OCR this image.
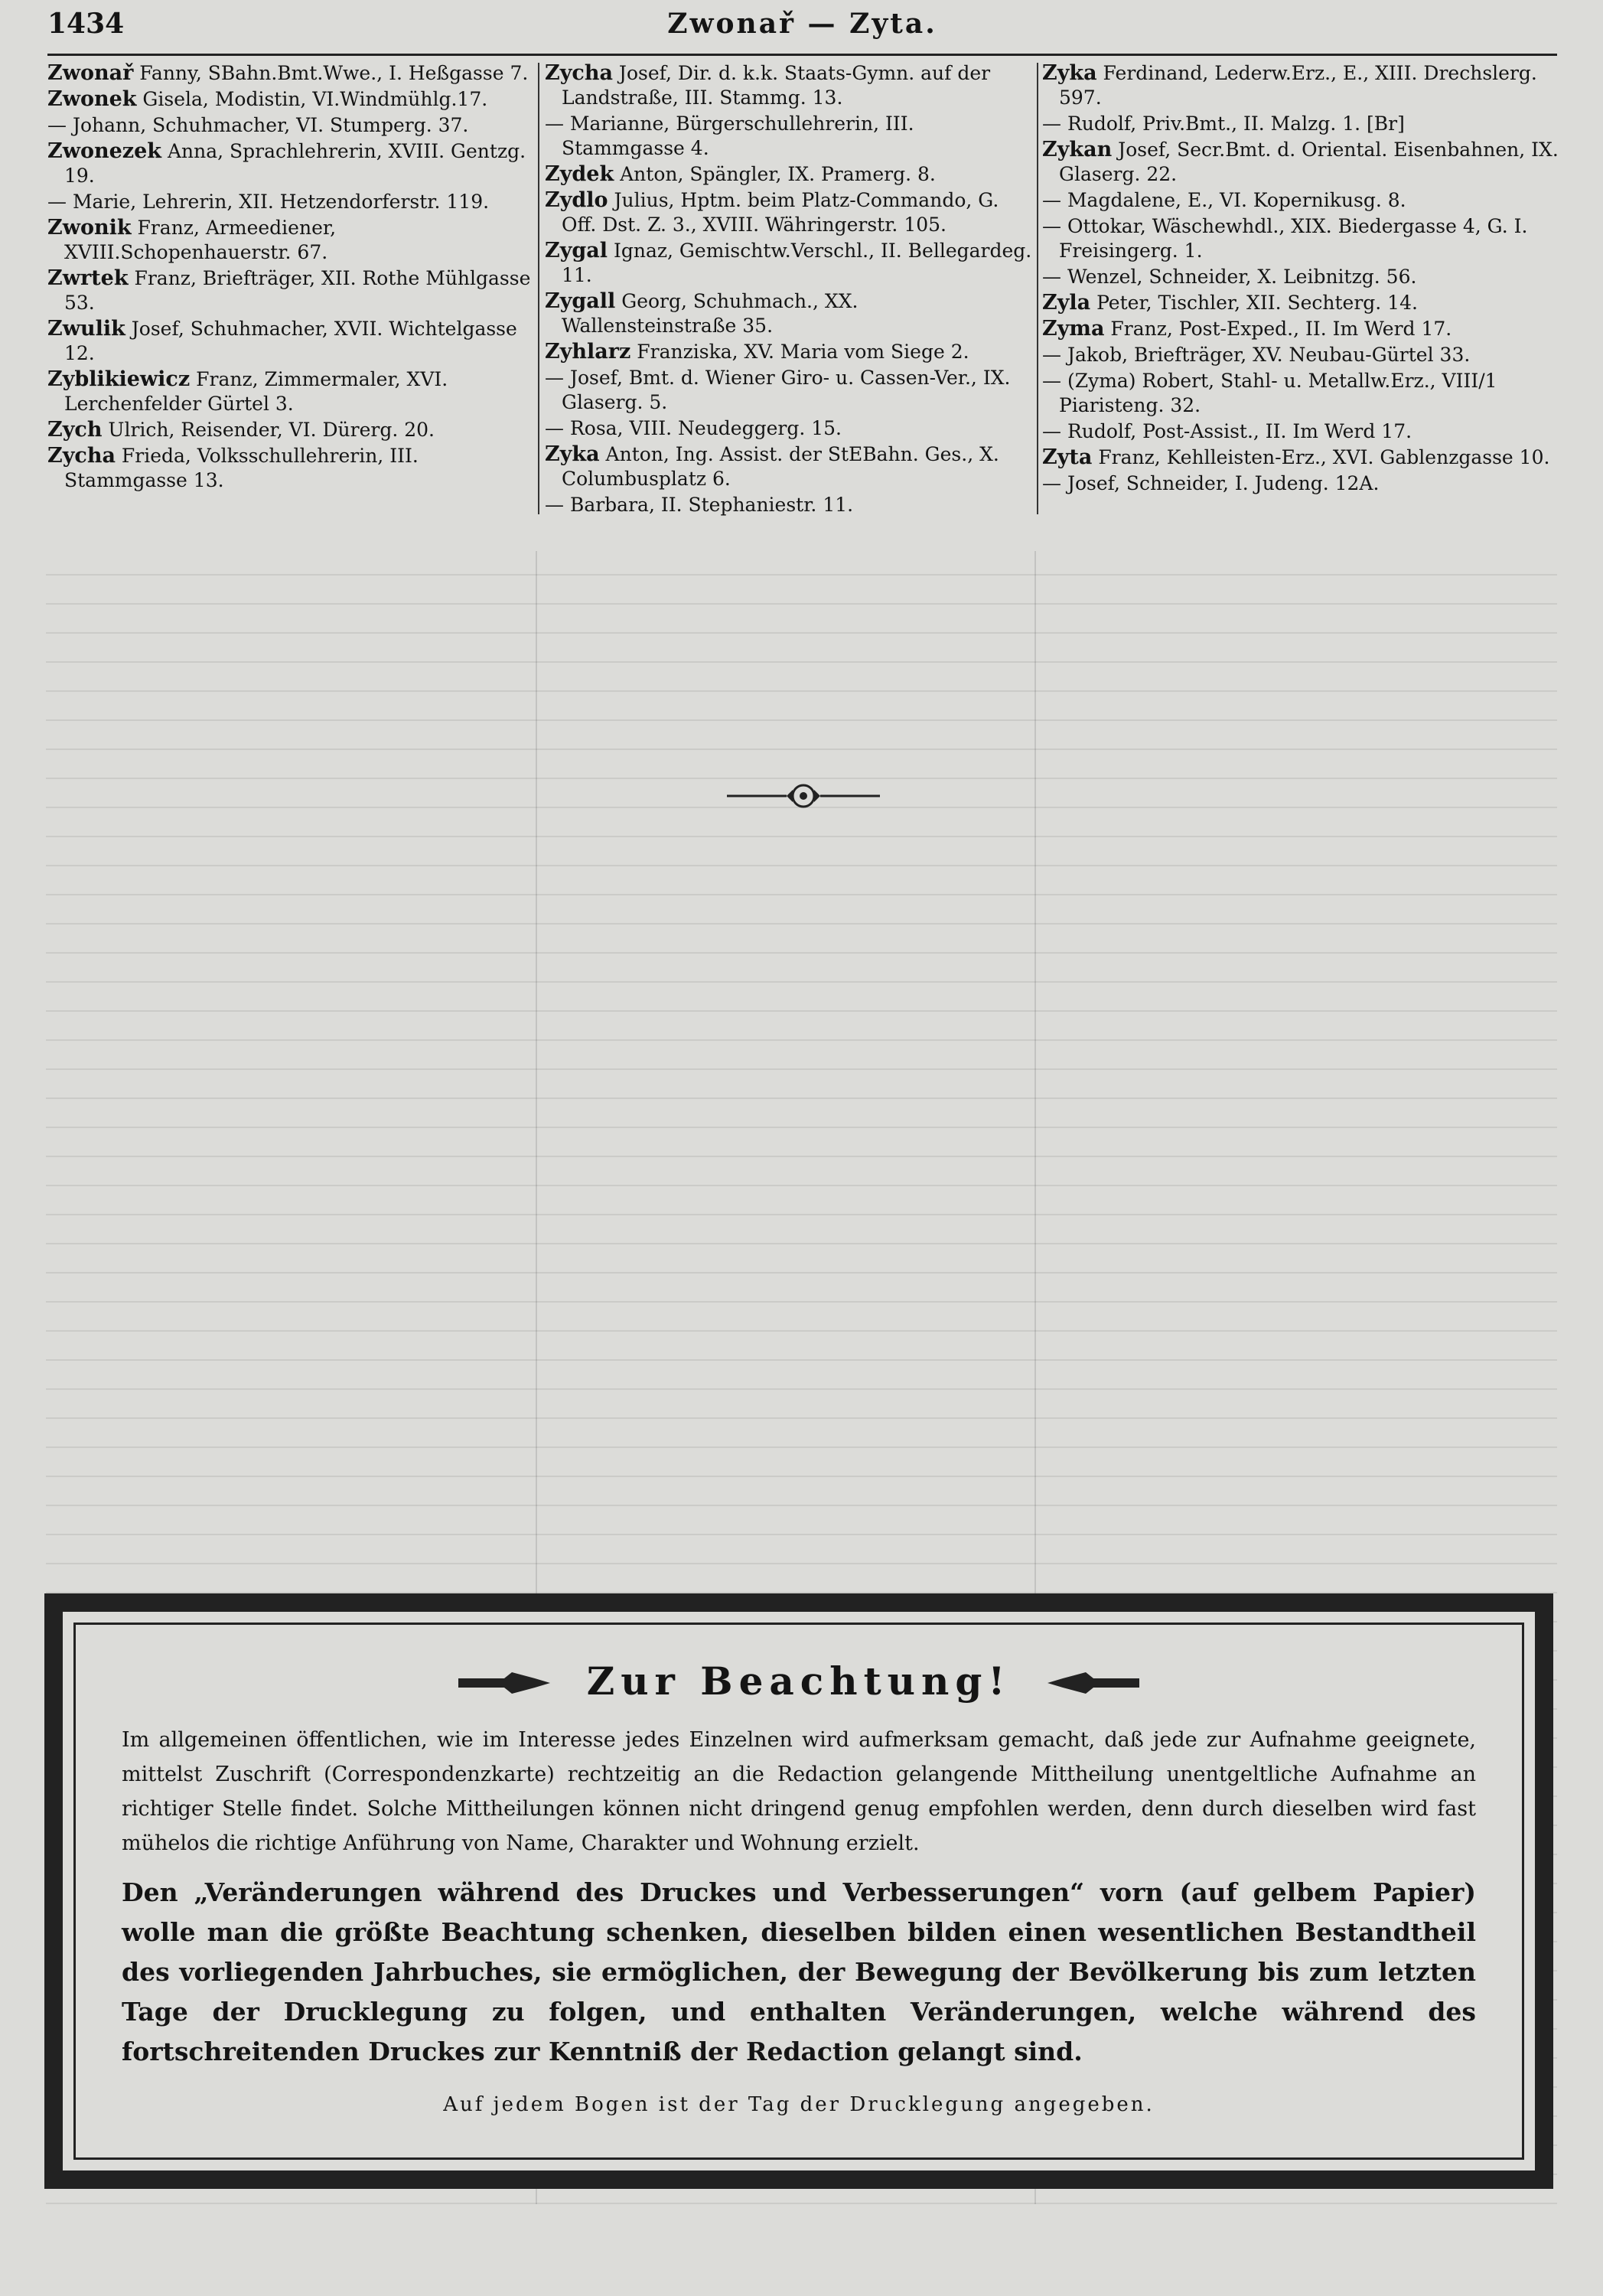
1434	Zwonař — Zyta.
Zwonař Fanny, SBahn.Bmt.Wwe., I. Heßgasse 7.
Zwonek Gisela, Modistin, VI.Windmühlg.17.
— Johann, Schuhmacher, VI. Stumperg. 37.
Zwonezek Anna, Sprachlehrerin, XVIII. Gentzg. 19.
— Marie, Lehrerin, XII. Hetzendorferstr. 119.
Zwonik Franz, Armeediener, XVIII.Schopenhauerstr. 67.
Zwrtek Franz, Briefträger, XII. Rothe Mühlgasse 53.
Zwulik Josef, Schuhmacher, XVII. Wichtelgasse 12.
Zyblikiewicz Franz, Zimmermaler, XVI. Lerchenfelder Gürtel 3.
Zych Ulrich, Reisender, VI. Dürerg. 20.
Zycha Frieda, Volksschullehrerin, III. Stammgasse 13.
Zycha Josef, Dir. d. k.k. Staats-Gymn. auf der Landstraße, III. Stammg. 13.
— Marianne, Bürgerschullehrerin, III. Stammgasse 4.
Zydek Anton, Spängler, IX. Pramerg. 8.
Zydlo Julius, Hptm. beim Platz-Commando, G. Off. Dst. Z. 3., XVIII. Währingerstr. 105.
Zygal Ignaz, Gemischtw.Verschl., II. Bellegardeg. 11.
Zygall Georg, Schuhmach., XX. Wallensteinstraße 35.
Zyhlarz Franziska, XV. Maria vom Siege 2.
— Josef, Bmt. d. Wiener Giro- u. Cassen-Ver., IX. Glaserg. 5.
— Rosa, VIII. Neudeggerg. 15.
Zyka Anton, Ing. Assist. der StEBahn. Ges., X. Columbusplatz 6.
— Barbara, II. Stephaniestr. 11.
Zyka Ferdinand, Lederw.Erz., E., XIII. Drechslerg. 597.
— Rudolf, Priv.Bmt., II. Malzg. 1. [Br]
Zykan Josef, Secr.Bmt. d. Oriental. Eisenbahnen, IX. Glaserg. 22.
— Magdalene, E., VI. Kopernikusg. 8.
— Ottokar, Wäschewhdl., XIX. Biedergasse 4, G. I. Freisingerg. 1.
— Wenzel, Schneider, X. Leibnitzg. 56.
Zyla Peter, Tischler, XII. Sechterg. 14.
Zyma Franz, Post-Exped., II. Im Werd 17.
— Jakob, Briefträger, XV. Neubau-Gürtel 33.
— (Zyma) Robert, Stahl- u. Metallw.Erz., VIII/1 Piaristeng. 32.
— Rudolf, Post-Assist., II. Im Werd 17.
Zyta Franz, Kehlleisten-Erz., XVI. Gablenzgasse 10.
— Josef, Schneider, I. Judeng. 12A.
Zur Beachtung!
Im allgemeinen öffentlichen, wie im Interesse jedes Einzelnen wird aufmerksam gemacht, daß jede zur Aufnahme geeignete, mittelst Zuschrift (Correspondenzkarte) rechtzeitig an die Redaction gelangende Mittheilung unentgeltliche Aufnahme an richtiger Stelle findet. Solche Mittheilungen können nicht dringend genug empfohlen werden, denn durch dieselben wird fast mühelos die richtige Anführung von Name, Charakter und Wohnung erzielt.
Den „Veränderungen während des Druckes und Verbesserungen“ vorn (auf gelbem Papier) wolle man die größte Beachtung schenken, dieselben bilden einen wesentlichen Bestandtheil des vorliegenden Jahrbuches, sie ermöglichen, der Bewegung der Bevölkerung bis zum letzten Tage der Drucklegung zu folgen, und enthalten Veränderungen, welche während des fortschreitenden Druckes zur Kenntniß der Redaction gelangt sind.
Auf jedem Bogen ist der Tag der Drucklegung angegeben.
